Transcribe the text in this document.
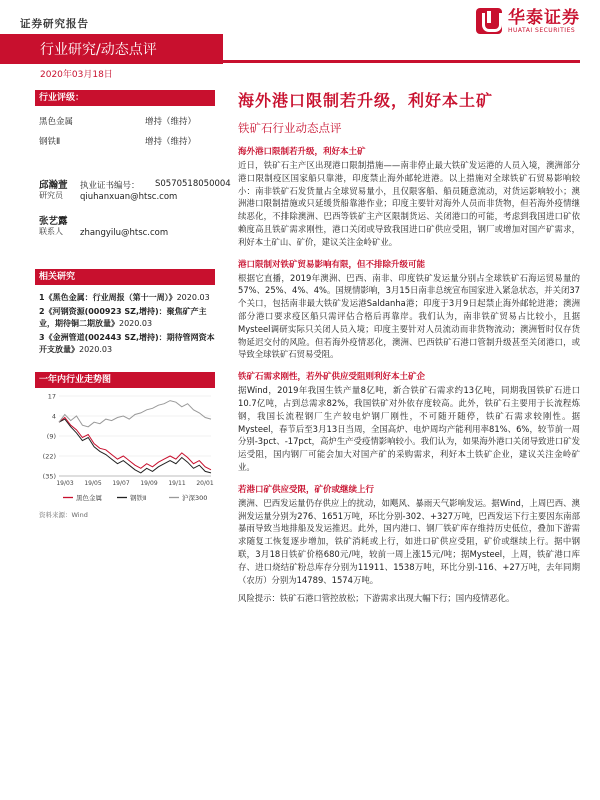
证券研究报告	华泰证券
HUATAI SECURITIES
行业研究/动态点评
2020年03月18日
行业评级：
黑色金属	增持（维持）
钢铁Ⅱ	增持（维持）
邱瀚萱
研究员
执业证书编号： S0570518050004
qiuhanxuan@htsc.com
张艺露
联系人 zhangyilu@htsc.com
相关研究
1《黑色金属：行业周报（第十一周）》2020.03
2《河钢资源(000923 SZ,增持)：聚焦矿产主业，期待铜二期放量》2020.03
3《金洲管道(002443 SZ,增持)：期待管网资本开支放量》2020.03
一年内行业走势图
17
4
(9)
(22)
(35)
19/03 19/05 19/07 19/09 19/11 20/01
黑色金属	钢铁Ⅱ	沪深300
资料来源：Wind
海外港口限制若升级，利好本土矿
铁矿石行业动态点评
海外港口限制若升级，利好本土矿
近日，铁矿石主产区出现港口限制措施——南非停止最大铁矿发运港的人员入境，澳洲部分港口限制疫区国家船只靠港，印度禁止海外邮轮进港。以上措施对全球铁矿石贸易影响较小：南非铁矿石发货量占全球贸易量小，且仅限客船、船员随意流动，对货运影响较小；澳洲港口限制措施或只延缓货船靠港作业；印度主要针对海外人员而非货物，但若海外疫情继续恶化，不排除澳洲、巴西等铁矿主产区限制货运、关闭港口的可能，考虑到我国进口矿依赖度高且铁矿需求刚性，港口关闭或导致我国进口矿供应受阻，钢厂或增加对国产矿需求，利好本土矿山、矿价，建议关注金岭矿业。
港口限制对铁矿贸易影响有限，但不排除升级可能
根据它直播，2019年澳洲、巴西、南非、印度铁矿发运量分别占全球铁矿石海运贸易量的57%、25%、4%、4%。国规情影响，3月15日南非总统宣布国家进入紧急状态，并关闭37个关口，包括南非最大铁矿发运港Saldanha港；印度于3月9日起禁止海外邮轮进港；澳洲部分港口要求疫区船只需评估合格后再靠岸。我们认为，南非铁矿贸易占比较小，且据Mysteel调研实际只关闭人员入境；印度主要针对人员流动而非货物流动；澳洲暂时仅存货物延迟交付的风险。但若海外疫情恶化，澳洲、巴西铁矿石港口管制升级甚至关闭港口，或导致全球铁矿石贸易受阻。
铁矿石需求刚性，若外矿供应受阻则利好本土矿企
据Wind，2019年我国生铁产量8亿吨，新合铁矿石需求约13亿吨，同期我国铁矿石进口10.7亿吨，占到总需求82%，我国铁矿对外依存度较高。此外，铁矿石主要用于长流程炼钢，我国长流程钢厂生产较电炉钢厂刚性，不可随开随停，铁矿石需求较刚性。据Mysteel，春节后至3月13日当周，全国高炉、电炉周均产能利用率81%、6%，较节前一周分别-3pct、-17pct，高炉生产受疫情影响较小。我们认为，如果海外港口关闭导致进口矿发运受阻，国内钢厂可能会加大对国产矿的采购需求，利好本土铁矿企业，建议关注金岭矿业。
若港口矿供应受限，矿价或继续上行
澳洲、巴西发运量仍存供应上的扰动，如飓风、暴雨天气影响发运。据Wind，上周巴西、澳洲发运量分别为276、1651万吨，环比分别-302、+327万吨，巴西发运下行主要因东南部暴雨导致当地排船及发运推迟。此外，国内港口、钢厂铁矿库存维持历史低位，叠加下游需求随复工恢复逐步增加，铁矿消耗或上行，如进口矿供应受阻，矿价或继续上行。据中钢联，3月18日铁矿价格680元/吨，较前一周上涨15元/吨；据Mysteel，上周，铁矿港口库存、进口烧结矿粉总库存分别为11911、1538万吨，环比分别-116、+27万吨，去年同期（农历）分别为14789、1574万吨。
风险提示：铁矿石港口管控放松；下游需求出现大幅下行；国内疫情恶化。
